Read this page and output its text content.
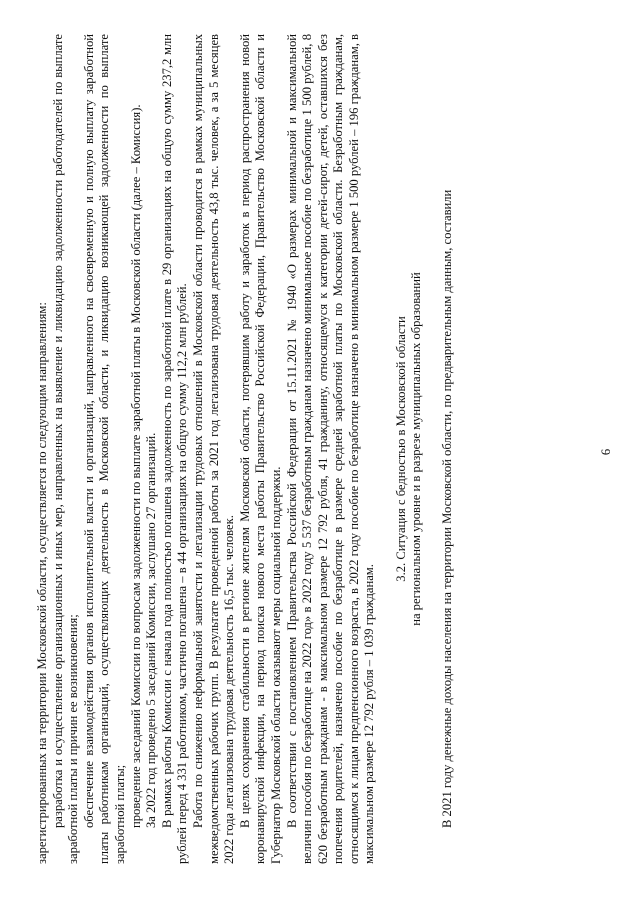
6

зарегистрированных на территории Московской области, осуществляется по следующим направлениям: разработка и осуществление организационных и иных мер, направленных на выявление и ликвидацию задолженности работодателей по выплате заработной платы и причин ее возникновения; обеспечение взаимодействия органов исполнительной власти и организаций, направленного на своевременную и полную выплату заработной платы работникам организаций, осуществляющих деятельность в Московской области, и ликвидацию возникающей задолженности по выплате заработной платы; проведение заседаний Комиссии по вопросам задолженности по выплате заработной платы в Московской области (далее – Комиссия). За 2022 год проведено 5 заседаний Комиссии, заслушано 27 организаций. В рамках работы Комиссии с начала года полностью погашена задолженность по заработной плате в 29 организациях на общую сумму 237,2 млн рублей перед 4 331 работником, частично погашена – в 44 организациях на общую сумму 112,2 млн рублей. Работа по снижению неформальной занятости и легализации трудовых отношений в Московской области проводится в рамках муниципальных межведомственных рабочих групп. В результате проведенной работы за 2021 год легализована трудовая деятельность 43,8 тыс. человек, а за 5 месяцев 2022 года легализована трудовая деятельность 16,5 тыс. человек. В целях сохранения стабильности в регионе жителям Московской области, потерявшим работу и заработок в период распространения новой коронавирусной инфекции, на период поиска нового места работы Правительство Российской Федерации, Правительство Московской области и Губернатор Московской области оказывают меры социальной поддержки. В соответствии с постановлением Правительства Российской Федерации от 15.11.2021 № 1940 «О размерах минимальной и максимальной величин пособия по безработице на 2022 год» в 2022 году 5 537 безработным гражданам назначено минимальное пособие по безработице 1 500 рублей, 8 620 безработным гражданам - в максимальном размере 12 792 рубля, 41 гражданину, относящемуся к категории детей-сирот, детей, оставшихся без попечения родителей, назначено пособие по безработице в размере средней заработной платы по Московской области. Безработным гражданам, относящимся к лицам предпенсионного возраста, в 2022 году пособие по безработице назначено в минимальном размере 1 500 рублей – 196 гражданам, в максимальном размере 12 792 рубля – 1 039 гражданам.

3.2. Ситуация с бедностью в Московской области на региональном уровне и в разрезе муниципальных образований В 2021 году денежные доходы населения на территории Московской области, по предварительным данным, составили
